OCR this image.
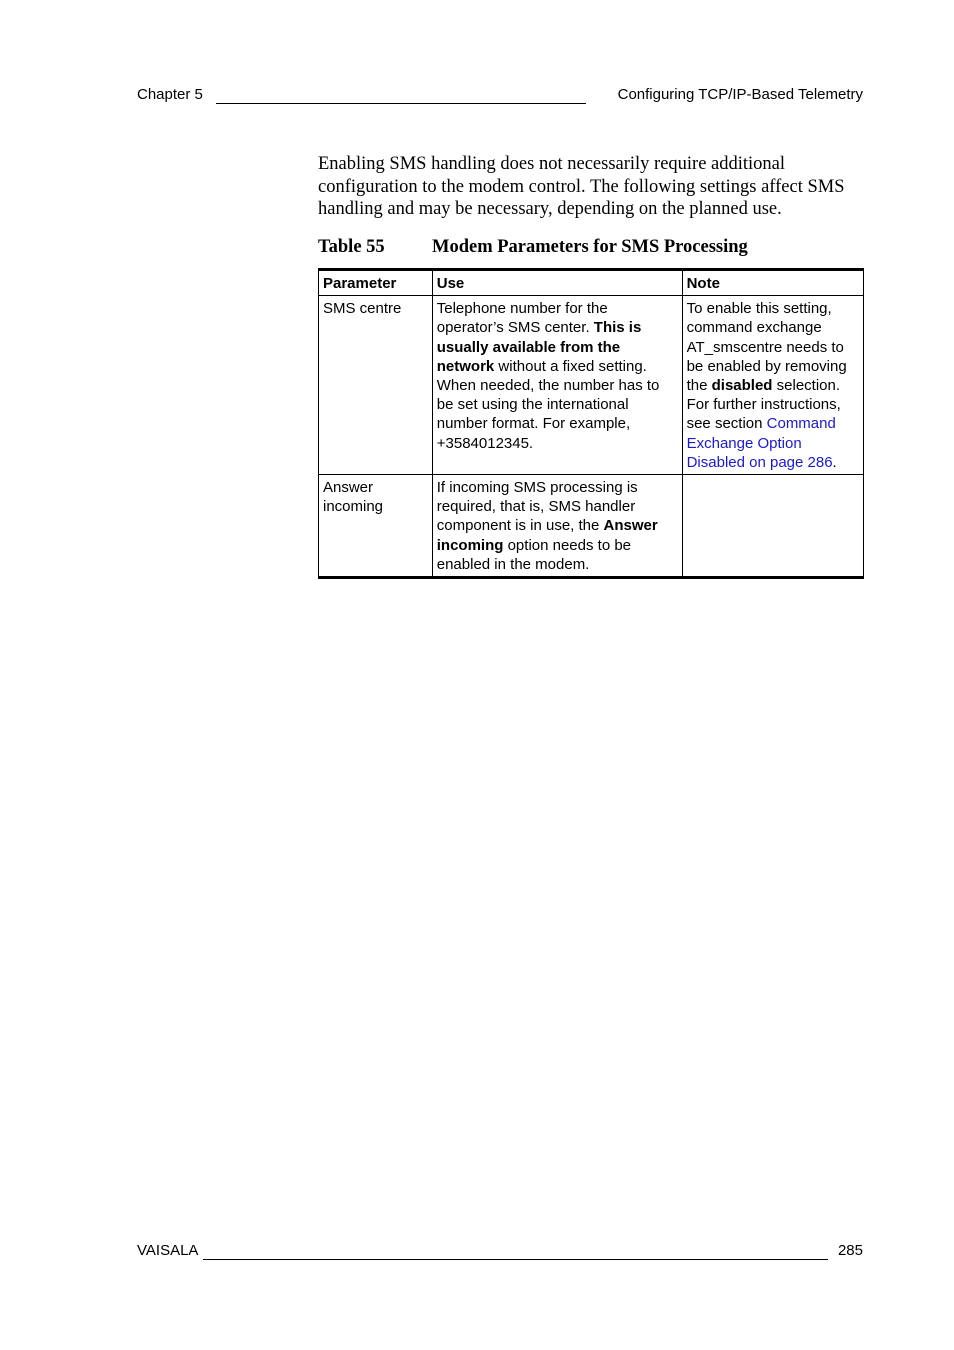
Chapter 5	Configuring TCP/IP-Based Telemetry

Enabling SMS handling does not necessarily require additional configuration to the modem control. The following settings affect SMS handling and may be necessary, depending on the planned use.

Table 55	Modem Parameters for SMS Processing
Parameter	Use	Note
SMS centre	Telephone number for the operator’s SMS center. This is usually available from the network without a fixed setting. When needed, the number has to be set using the international number format. For example, +3584012345.	To enable this setting, command exchange AT_smscentre needs to be enabled by removing the disabled selection. For further instructions, see section Command Exchange Option Disabled on page 286.
Answer incoming	If incoming SMS processing is required, that is, SMS handler component is in use, the Answer incoming option needs to be enabled in the modem.	
VAISALA	285
